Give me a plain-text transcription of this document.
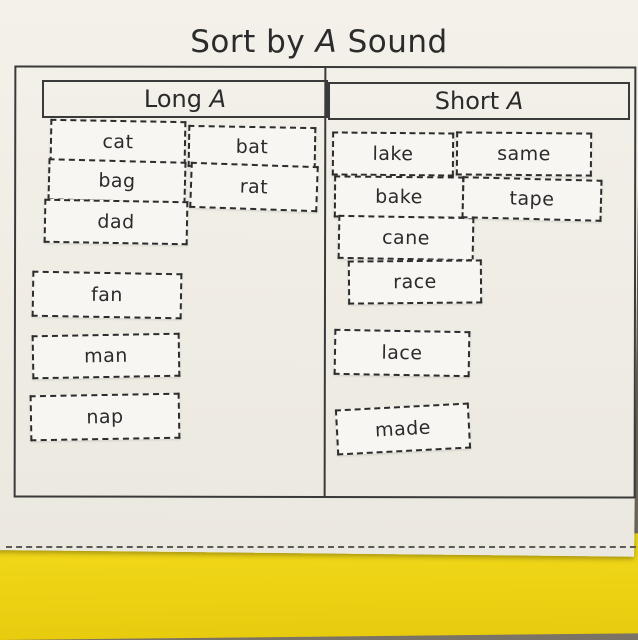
Sort by A Sound
Long A	Short A
cat
bag
dad
bat
rat
fan
man
nap
lake
bake
cane
race
lace
made
same
tape
